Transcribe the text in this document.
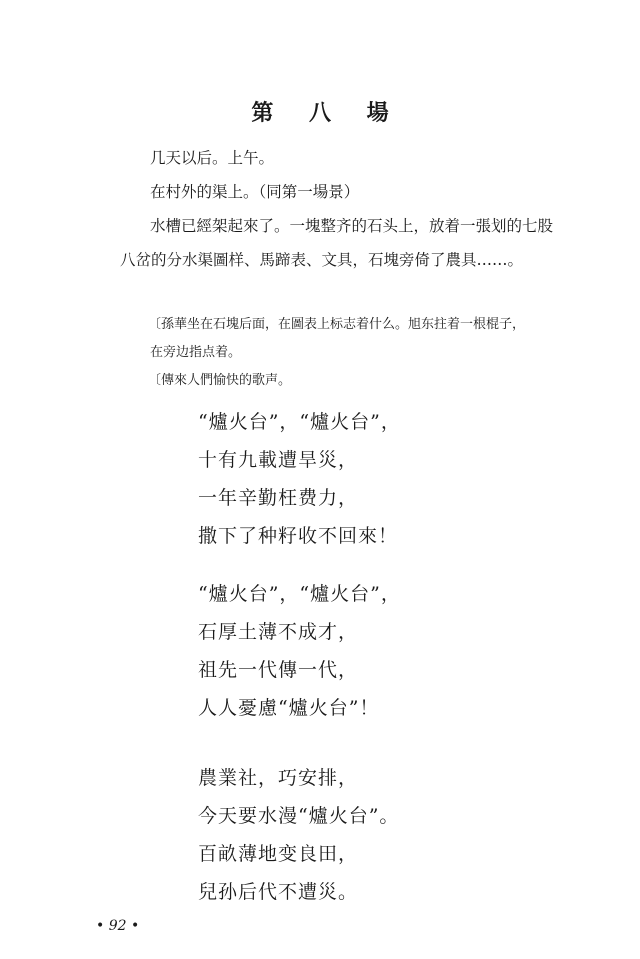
第 八 場
几天以后。上午。
在村外的渠上。（同第一場景）
水槽已經架起來了。一塊整齐的石头上，放着一張划的七股
八岔的分水渠圖样、馬蹄表、文具，石塊旁倚了農具……。
〔孫華坐在石塊后面，在圖表上标志着什么。旭东拄着一根棍子，
在旁边指点着。
〔傳來人們愉快的歌声。
“爐火台”，“爐火台”，
十有九載遭旱災，
一年辛勤枉费力，
撒下了种籽收不回來！
“爐火台”，“爐火台”，
石厚土薄不成才，
祖先一代傳一代，
人人憂慮“爐火台”！
農業社，巧安排，
今天要水漫“爐火台”。
百畝薄地变良田，
兒孙后代不遭災。
• 92 •
